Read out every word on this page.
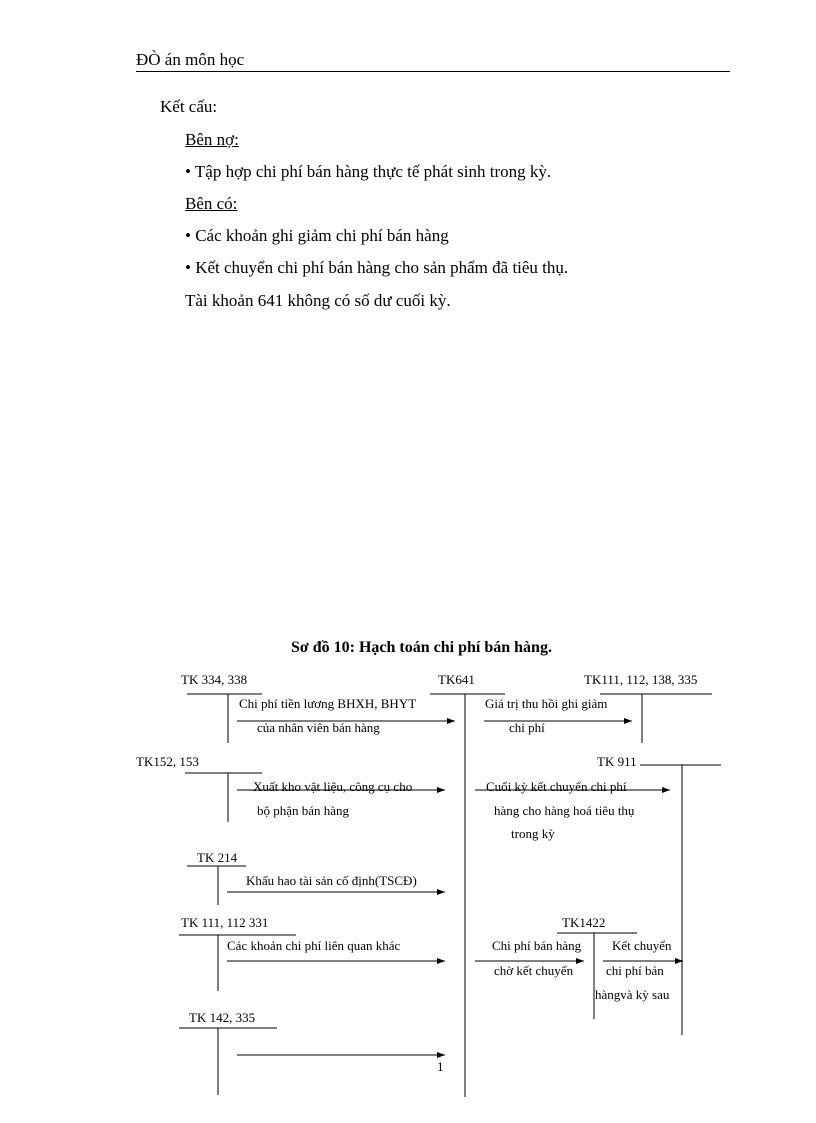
ĐÒ án môn học
Kết cấu:
Bên nợ:
• Tập hợp chi phí bán hàng thực tế phát sinh trong kỳ.
Bên có:
• Các khoản ghi giảm chi phí bán hàng
• Kết chuyển chi phí bán hàng cho sản phẩm đã tiêu thụ.
Tài khoản 641 không có số dư cuối kỳ.
Sơ đồ 10: Hạch toán chi phí bán hàng.
TK 334, 338	TK641	TK111, 112, 138, 335
TK152, 153	TK 911
TK 214
TK 111, 112 331	TK1422
TK 142, 335
Chi phí tiền lương BHXH, BHYT
của nhân viên bán hàng
Giá trị thu hồi ghi giảm
chi phí
Xuất kho vật liệu, công cụ cho
bộ phận bán hàng
Cuối kỳ kết chuyển chi phí
hàng cho hàng hoá tiêu thụ
trong kỳ
Khấu hao tài sản cố định(TSCĐ)
Các khoản chi phí liên quan khác	Chi phí bán hàng
chờ kết chuyển
Kết chuyển
chi phí bán
hàngvà kỳ sau
1
